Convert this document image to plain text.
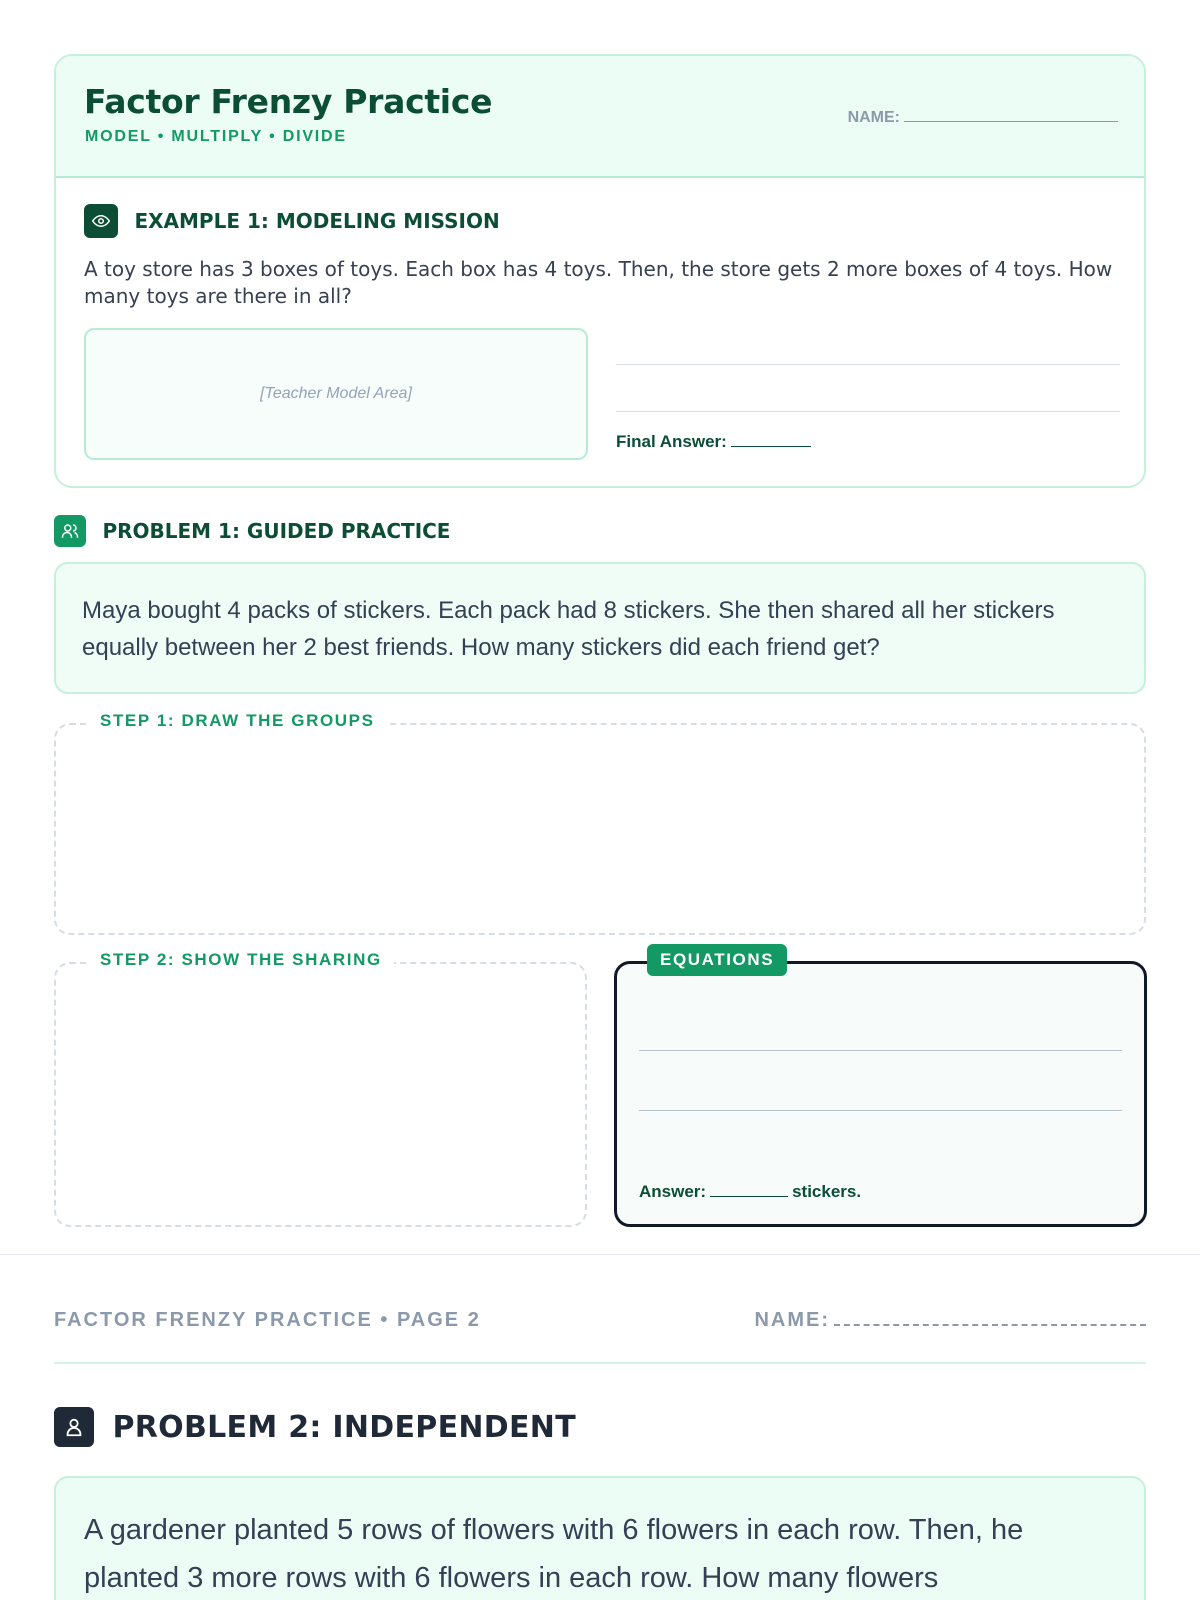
Factor Frenzy Practice
MODEL • MULTIPLY • DIVIDE
NAME:
EXAMPLE 1: MODELING MISSION
A toy store has 3 boxes of toys. Each box has 4 toys. Then, the store gets 2 more boxes of 4 toys. How many toys are there in all?
[Teacher Model Area]
Final Answer:
PROBLEM 1: GUIDED PRACTICE
Maya bought 4 packs of stickers. Each pack had 8 stickers. She then shared all her stickers equally between her 2 best friends. How many stickers did each friend get?
STEP 1: DRAW THE GROUPS
STEP 2: SHOW THE SHARING	EQUATIONS
Answer:	stickers.
FACTOR FRENZY PRACTICE • PAGE 2	NAME:
PROBLEM 2: INDEPENDENT
A gardener planted 5 rows of flowers with 6 flowers in each row. Then, he planted 3 more rows with 6 flowers in each row. How many flowers
